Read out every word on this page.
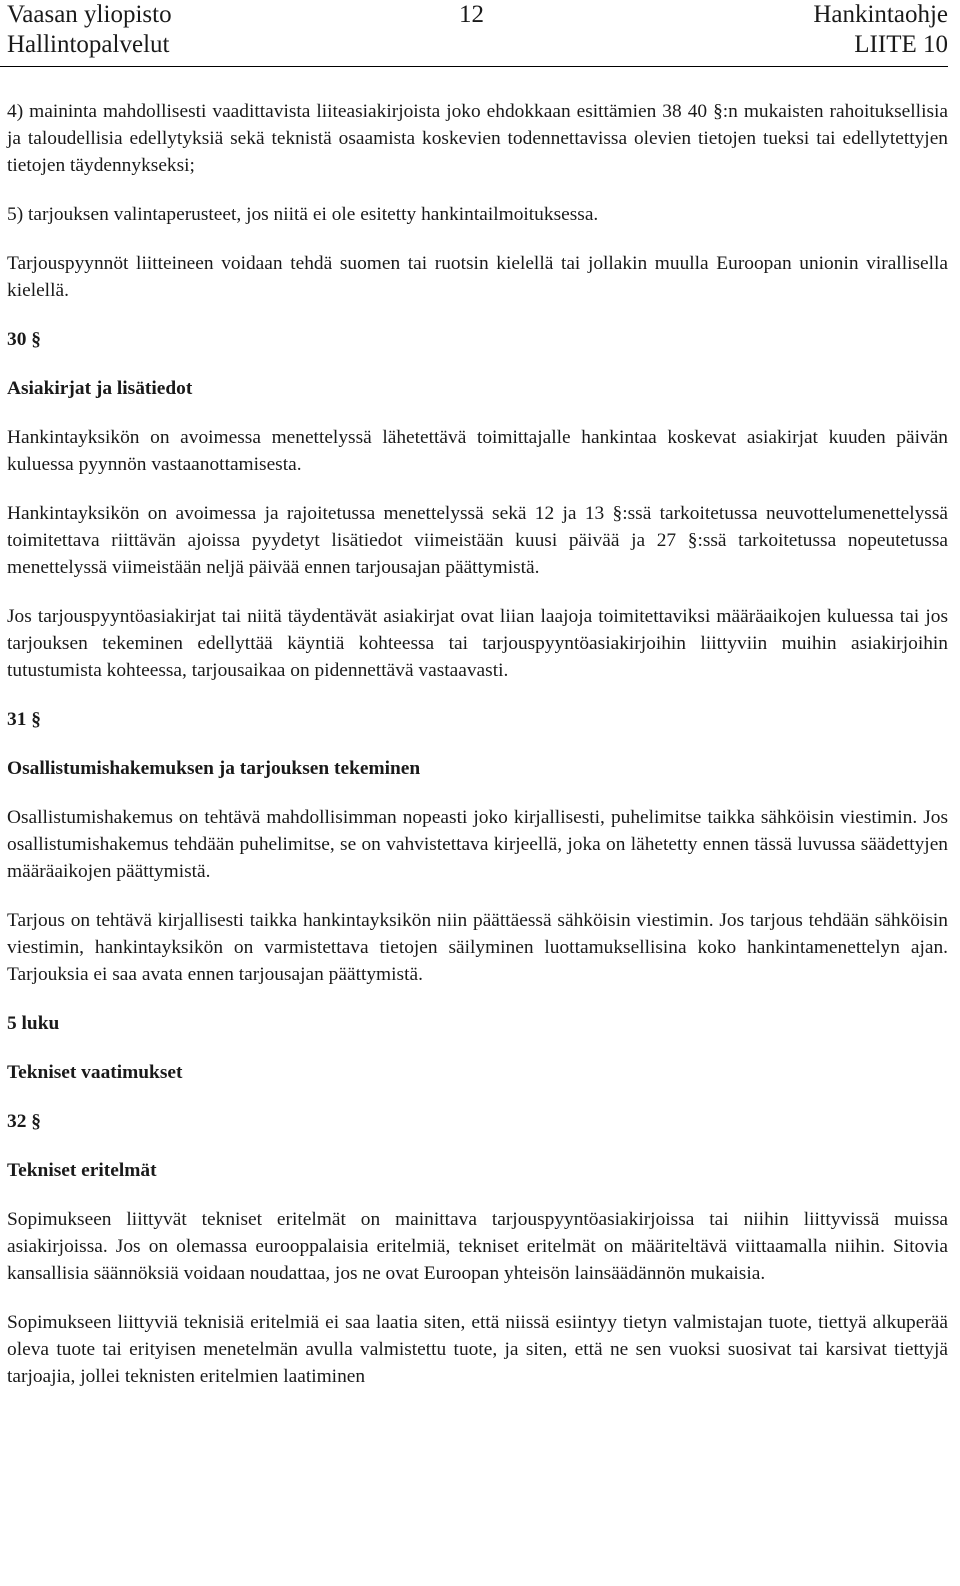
Vaasan yliopisto
Hallintopalvelut
12	Hankintaohje
LIITE 10

4) maininta mahdollisesti vaadittavista liiteasiakirjoista joko ehdokkaan esittämien 38 40 §:n mukaisten rahoituksellisia ja taloudellisia edellytyksiä sekä teknistä osaamista koskevien todennettavissa olevien tietojen tueksi tai edellytettyjen tietojen täydennykseksi;

5) tarjouksen valintaperusteet, jos niitä ei ole esitetty hankintailmoituksessa.

Tarjouspyynnöt liitteineen voidaan tehdä suomen tai ruotsin kielellä tai jollakin muulla Euroopan unionin virallisella kielellä.

30 §

Asiakirjat ja lisätiedot

Hankintayksikön on avoimessa menettelyssä lähetettävä toimittajalle hankintaa koskevat asiakirjat kuuden päivän kuluessa pyynnön vastaanottamisesta.

Hankintayksikön on avoimessa ja rajoitetussa menettelyssä sekä 12 ja 13 §:ssä tarkoitetussa neuvottelumenettelyssä toimitettava riittävän ajoissa pyydetyt lisätiedot viimeistään kuusi päivää ja 27 §:ssä tarkoitetussa nopeutetussa menettelyssä viimeistään neljä päivää ennen tarjousajan päättymistä.

Jos tarjouspyyntöasiakirjat tai niitä täydentävät asiakirjat ovat liian laajoja toimitettaviksi määräaikojen kuluessa tai jos tarjouksen tekeminen edellyttää käyntiä kohteessa tai tarjouspyyntöasiakirjoihin liittyviin muihin asiakirjoihin tutustumista kohteessa, tarjousaikaa on pidennettävä vastaavasti.

31 §

Osallistumishakemuksen ja tarjouksen tekeminen

Osallistumishakemus on tehtävä mahdollisimman nopeasti joko kirjallisesti, puhelimitse taikka sähköisin viestimin. Jos osallistumishakemus tehdään puhelimitse, se on vahvistettava kirjeellä, joka on lähetetty ennen tässä luvussa säädettyjen määräaikojen päättymistä.

Tarjous on tehtävä kirjallisesti taikka hankintayksikön niin päättäessä sähköisin viestimin. Jos tarjous tehdään sähköisin viestimin, hankintayksikön on varmistettava tietojen säilyminen luottamuksellisina koko hankintamenettelyn ajan. Tarjouksia ei saa avata ennen tarjousajan päättymistä.

5 luku

Tekniset vaatimukset

32 §

Tekniset eritelmät

Sopimukseen liittyvät tekniset eritelmät on mainittava tarjouspyyntöasiakirjoissa tai niihin liittyvissä muissa asiakirjoissa. Jos on olemassa eurooppalaisia eritelmiä, tekniset eritelmät on määriteltävä viittaamalla niihin. Sitovia kansallisia säännöksiä voidaan noudattaa, jos ne ovat Euroopan yhteisön lainsäädännön mukaisia.

Sopimukseen liittyviä teknisiä eritelmiä ei saa laatia siten, että niissä esiintyy tietyn valmistajan tuote, tiettyä alkuperää oleva tuote tai erityisen menetelmän avulla valmistettu tuote, ja siten, että ne sen vuoksi suosivat tai karsivat tiettyjä tarjoajia, jollei teknisten eritelmien laatiminen
